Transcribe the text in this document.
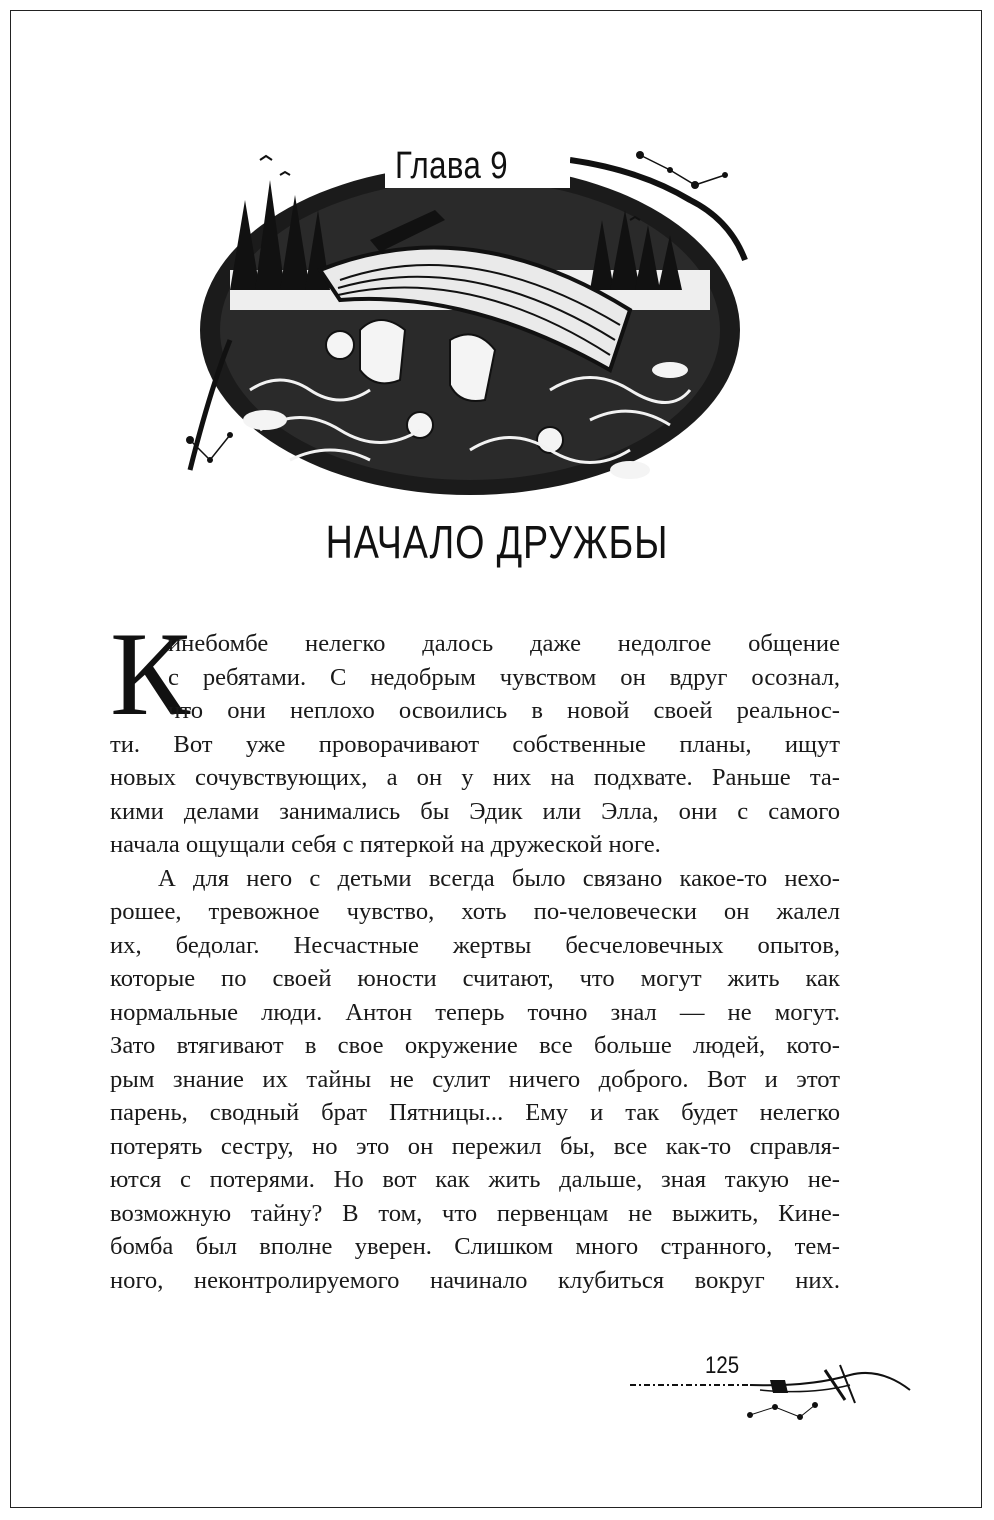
Глава 9
НАЧАЛО ДРУЖБЫ
К
инебомбе нелегко далось даже недолгое общение
с ребятами. С недобрым чувством он вдруг осознал,
что они неплохо освоились в новой своей реальнос-
ти. Вот уже проворачивают собственные планы, ищут
новых сочувствующих, а он у них на подхвате. Раньше та-
кими делами занимались бы Эдик или Элла, они с самого
начала ощущали себя с пятеркой на дружеской ноге.
А для него с детьми всегда было связано какое-то нехо-
рошее, тревожное чувство, хоть по-человечески он жалел
их, бедолаг. Несчастные жертвы бесчеловечных опытов,
которые по своей юности считают, что могут жить как
нормальные люди. Антон теперь точно знал — не могут.
Зато втягивают в свое окружение все больше людей, кото-
рым знание их тайны не сулит ничего доброго. Вот и этот
парень, сводный брат Пятницы... Ему и так будет нелегко
потерять сестру, но это он пережил бы, все как-то справля-
ются с потерями. Но вот как жить дальше, зная такую не-
возможную тайну? В том, что первенцам не выжить, Кине-
бомба был вполне уверен. Слишком много странного, тем-
ного, неконтролируемого начинало клубиться вокруг них.
125
